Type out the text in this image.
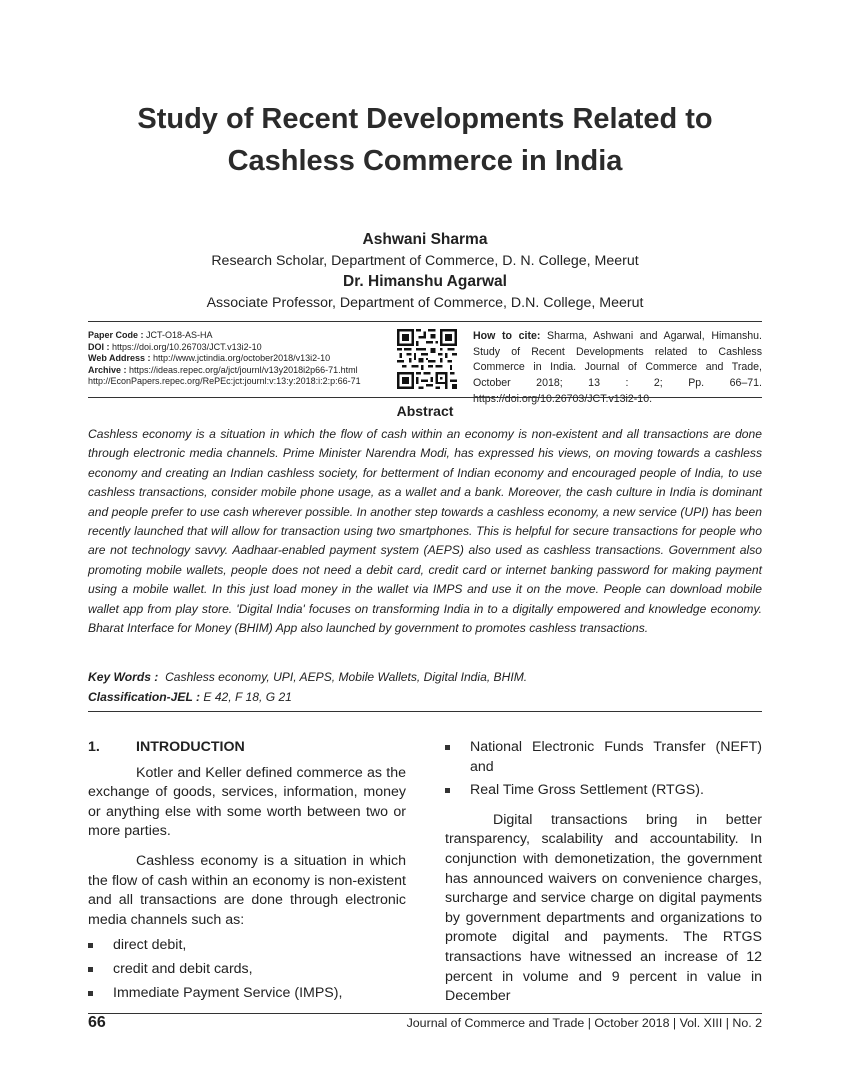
Study of Recent Developments Related to
Cashless Commerce in India
Ashwani Sharma
Research Scholar, Department of Commerce, D. N. College, Meerut
Dr. Himanshu Agarwal
Associate Professor, Department of Commerce, D.N. College, Meerut
Paper Code : JCT-O18-AS-HA
DOI : https://doi.org/10.26703/JCT.v13i2-10
Web Address : http://www.jctindia.org/october2018/v13i2-10
Archive : https://ideas.repec.org/a/jct/journl/v13y2018i2p66-71.html
http://EconPapers.repec.org/RePEc:jct:journl:v:13:y:2018:i:2:p:66-71
How to cite: Sharma, Ashwani and Agarwal, Himanshu. Study of Recent Developments related to Cashless Commerce in India. Journal of Commerce and Trade, October 2018; 13 : 2; Pp. 66–71. https://doi.org/10.26703/JCT.v13i2-10.
Abstract
Cashless economy is a situation in which the flow of cash within an economy is non-existent and all transactions are done through electronic media channels. Prime Minister Narendra Modi, has expressed his views, on moving towards a cashless economy and creating an Indian cashless society, for betterment of Indian economy and encouraged people of India, to use cashless transactions, consider mobile phone usage, as a wallet and a bank. Moreover, the cash culture in India is dominant and people prefer to use cash wherever possible. In another step towards a cashless economy, a new service (UPI) has been recently launched that will allow for transaction using two smartphones. This is helpful for secure transactions for people who are not technology savvy. Aadhaar-enabled payment system (AEPS) also used as cashless transactions. Government also promoting mobile wallets, people does not need a debit card, credit card or internet banking password for making payment using a mobile wallet. In this just load money in the wallet via IMPS and use it on the move. People can download mobile wallet app from play store. 'Digital India' focuses on transforming India in to a digitally empowered and knowledge economy. Bharat Interface for Money (BHIM) App also launched by government to promotes cashless transactions.
Key Words : Cashless economy, UPI, AEPS, Mobile Wallets, Digital India, BHIM.
Classification-JEL : E 42, F 18, G 21
1.	INTRODUCTION

Kotler and Keller defined commerce as the exchange of goods, services, information, money or anything else with some worth between two or more parties.

Cashless economy is a situation in which the flow of cash within an economy is non-existent and all transactions are done through electronic media channels such as:

direct debit,
credit and debit cards,
Immediate Payment Service (IMPS),
National Electronic Funds Transfer (NEFT) and
Real Time Gross Settlement (RTGS).

Digital transactions bring in better transparency, scalability and accountability. In conjunction with demonetization, the government has announced waivers on convenience charges, surcharge and service charge on digital payments by government departments and organizations to promote digital and payments. The RTGS transactions have witnessed an increase of 12 percent in volume and 9 percent in value in December

66	Journal of Commerce and Trade | October 2018 | Vol. XIII | No. 2
